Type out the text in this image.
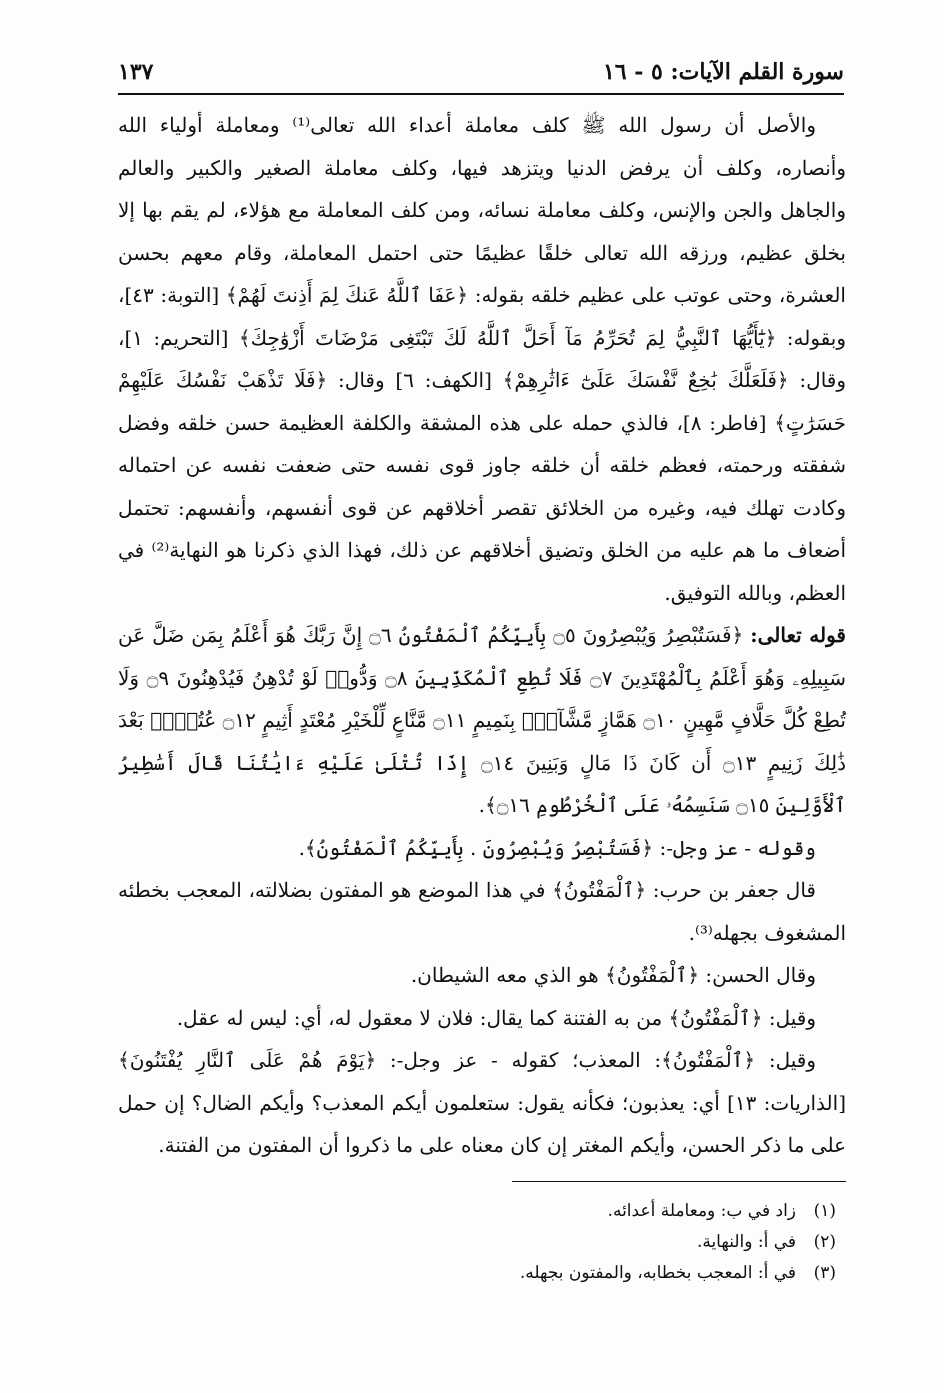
سورة القلم الآيات: ٥ - ١٦
١٣٧

والأصل أن رسول الله ﷺ كلف معاملة أعداء الله تعالى⁽¹⁾ ومعاملة أولياء الله وأنصاره، وكلف أن يرفض الدنيا ويتزهد فيها، وكلف معاملة الصغير والكبير والعالم والجاهل والجن والإنس، وكلف معاملة نسائه، ومن كلف المعاملة مع هؤلاء، لم يقم بها إلا بخلق عظيم، ورزقه الله تعالى خلقًا عظيمًا حتى احتمل المعاملة، وقام معهم بحسن العشرة، وحتى عوتب على عظيم خلقه بقوله: ﴿عَفَا ٱللَّهُ عَنكَ لِمَ أَذِنتَ لَهُمْ﴾ [التوبة: ٤٣]، وبقوله: ﴿يَٰٓأَيُّهَا ٱلنَّبِيُّ لِمَ تُحَرِّمُ مَآ أَحَلَّ ٱللَّهُ لَكَ تَبْتَغِى مَرْضَاتَ أَزْوَٰجِكَ﴾ [التحريم: ١]، وقال: ﴿فَلَعَلَّكَ بَٰخِعٌ نَّفْسَكَ عَلَىٰٓ ءَاثَٰرِهِمْ﴾ [الكهف: ٦] وقال: ﴿فَلَا تَذْهَبْ نَفْسُكَ عَلَيْهِمْ حَسَرَٰتٍ﴾ [فاطر: ٨]، فالذي حمله على هذه المشقة والكلفة العظيمة حسن خلقه وفضل شفقته ورحمته، فعظم خلقه أن خلقه جاوز قوى نفسه حتى ضعفت نفسه عن احتماله وكادت تهلك فيه، وغيره من الخلائق تقصر أخلاقهم عن قوى أنفسهم، وأنفسهم: تحتمل أضعاف ما هم عليه من الخلق وتضيق أخلاقهم عن ذلك، فهذا الذي ذكرنا هو النهاية⁽²⁾ في العظم، وبالله التوفيق.

قوله تعالى: ﴿فَسَتُبْصِرُ وَيُبْصِرُونَ ۝٥ بِأَييِّكُمُ ٱلْمَفْتُونُ ۝٦ إِنَّ رَبَّكَ هُوَ أَعْلَمُ بِمَن ضَلَّ عَن سَبِيلِهِۦ وَهُوَ أَعْلَمُ بِٱلْمُهْتَدِينَ ۝٧ فَلَا تُطِعِ ٱلْمُكَذِّبِينَ ۝٨ وَدُّوا۟ لَوْ تُدْهِنُ فَيُدْهِنُونَ ۝٩ وَلَا تُطِعْ كُلَّ حَلَّافٍ مَّهِينٍ ۝١٠ هَمَّازٍ مَّشَّآءٍۭ بِنَمِيمٍ ۝١١ مَّنَّاعٍ لِّلْخَيْرِ مُعْتَدٍ أَثِيمٍ ۝١٢ عُتُلٍّۭ بَعْدَ ذَٰلِكَ زَنِيمٍ ۝١٣ أَن كَانَ ذَا مَالٍ وَبَنِينَ ۝١٤ إِذَا تُتْلَىٰ عَلَيْهِ ءَايَٰتُنَا قَالَ أَسَٰطِيرُ ٱلْأَوَّلِينَ ۝١٥ سَنَسِمُهُۥ عَلَى ٱلْخُرْطُومِ ۝١٦﴾.

وقوله - عز وجل-: ﴿فَسَتُبْصِرُ وَيُبْصِرُونَ . بِأَييِّكُمُ ٱلْمَفْتُونُ﴾.

قال جعفر بن حرب: ﴿ٱلْمَفْتُونُ﴾ في هذا الموضع هو المفتون بضلالته، المعجب بخطئه المشغوف بجهله⁽³⁾.

وقال الحسن: ﴿ٱلْمَفْتُونُ﴾ هو الذي معه الشيطان.

وقيل: ﴿ٱلْمَفْتُونُ﴾ من به الفتنة كما يقال: فلان لا معقول له، أي: ليس له عقل.

وقيل: ﴿ٱلْمَفْتُونُ﴾: المعذب؛ كقوله - عز وجل-: ﴿يَوْمَ هُمْ عَلَى ٱلنَّارِ يُفْتَنُونَ﴾ [الذاريات: ١٣] أي: يعذبون؛ فكأنه يقول: ستعلمون أيكم المعذب؟ وأيكم الضال؟ إن حمل على ما ذكر الحسن، وأيكم المغتر إن كان معناه على ما ذكروا أن المفتون من الفتنة.

(١)
زاد في ب: ومعاملة أعدائه.
(٢)
في أ: والنهاية.
(٣)
في أ: المعجب بخطابه، والمفتون بجهله.
